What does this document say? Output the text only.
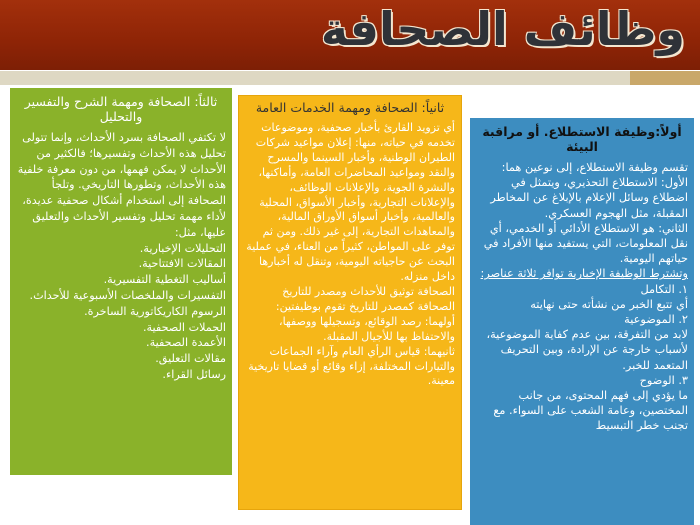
وظائف الصحافة
ثالثاً: الصحافة ومهمة الشرح والتفسير والتحليل
لا تكتفي الصحافة بسرد الأحداث، وإنما تتولى تحليل هذه الأحداث وتفسيرها؛ فالكثير من الأحداث لا يمكن فهمها، من دون معرفة خلفية هذه الأحداث، وتطورها التاريخي. وتلجأ الصحافة إلى استخدام أشكال صحفية عديدة، لأداء مهمة تحليل وتفسير الأحداث والتعليق عليها، مثل:
التحليلات الإخبارية.
المقالات الافتتاحية.
أساليب التغطية التفسيرية.
التفسيرات والملخصات الأسبوعية للأحداث.
الرسوم الكاريكاتورية الساخرة.
الحملات الصحفية.
الأعمدة الصحفية.
مقالات التعليق.
رسائل القراء.
ثانياً: الصحافة ومهمة الخدمات العامة
أي تزويد القارئ بأخبار صحفية، وموضوعات تخدمه في حياته، منها: إعلان مواعيد شركات الطيران الوطنية، وأخبار السينما والمسرح والنقد ومواعيد المحاضرات العامة، وأماكنها، والنشرة الجوية، والإعلانات الوظائف، والإعلانات التجارية، وأخبار الأسواق، المحلية والعالمية، وأخبار أسواق الأوراق المالية، والمعاهدات التجارية، إلى غير ذلك. ومن ثم توفر على المواطن، كثيراً من العناء، في عملية البحث عن حاجياته اليومية، وتنقل له أخبارها داخل منزله.
الصحافة توثيق للأحداث ومصدر للتاريخ الصحافة كمصدر للتاريخ تقوم بوظيفتين:
أولهما: رصد الوقائع، وتسجيلها ووصفها، والاحتفاظ بها للأجيال المقبلة.
ثانيهما: قياس الرأي العام وآراء الجماعات والتيارات المختلفة، إزاء وقائع أو قضايا تاريخية معينة.
أولاً:وظيفة الاستطلاع. أو مراقبة البيئة
تقسم وظيفة الاستطلاع، إلى نوعين هما:
الأول: الاستطلاع التحذيري، ويتمثل في اضطلاع وسائل الإعلام بالإبلاغ عن المخاطر المقبلة، مثل الهجوم العسكري.
الثاني: هو الاستطلاع الأدائي أو الخدمي، أي نقل المعلومات، التي يستفيد منها الأفراد في حياتهم اليومية.
وتشترط الوظيفة الإخبارية توافر ثلاثة عناصر:
١. التكامل
أي تتبع الخبر من نشأته حتى نهايته
٢. الموضوعية
لابد من التفرقة، بين عدم كفاية الموضوعية، لأسباب خارجة عن الإرادة، وبين التحريف المتعمد للخبر.
٣. الوضوح
ما يؤدي إلى فهم المحتوى، من جانب المختصين، وعامة الشعب على السواء. مع تجنب خطر التبسيط
